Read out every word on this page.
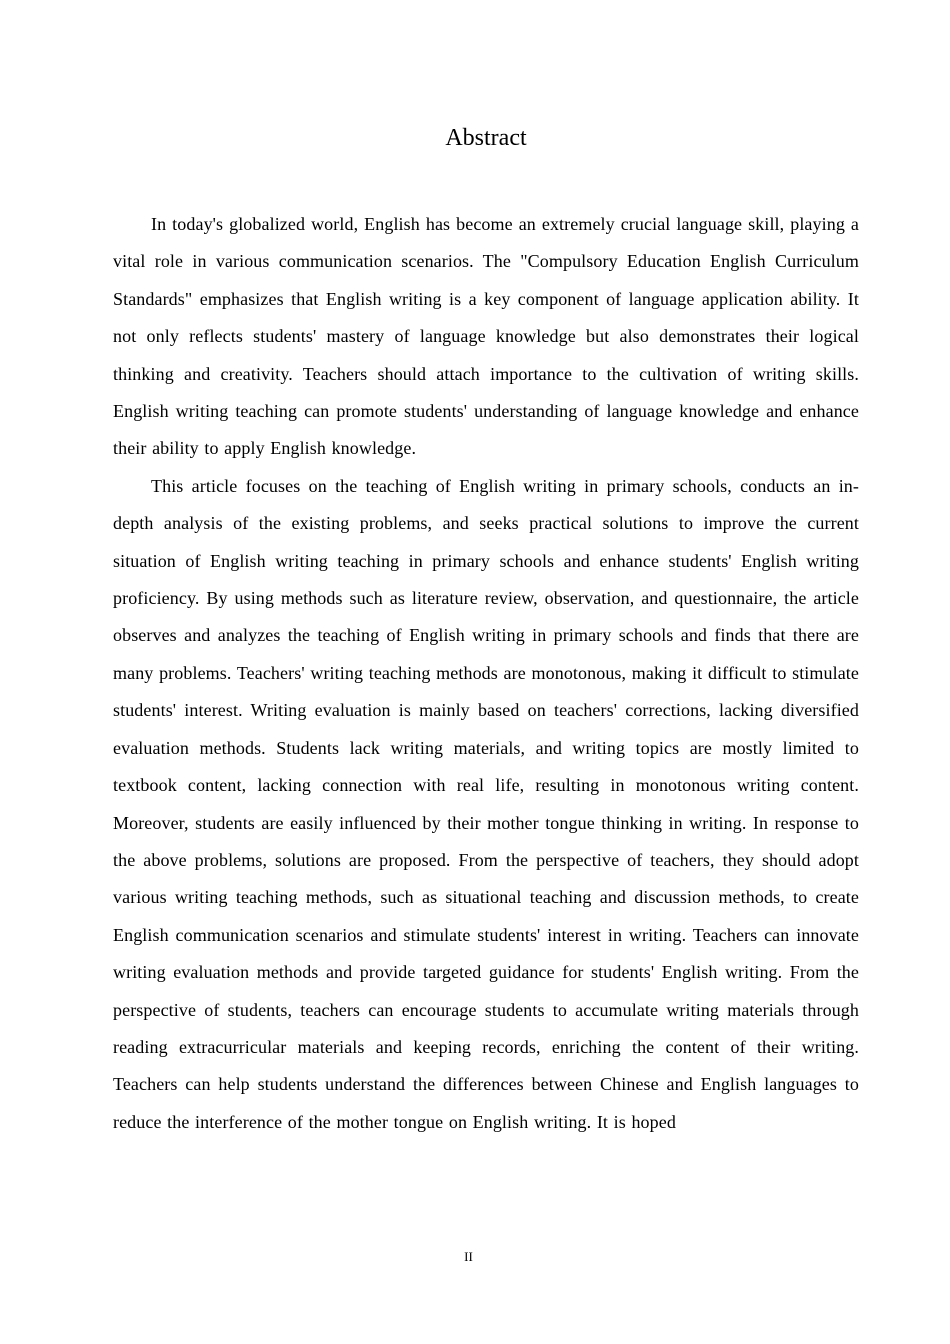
Abstract

In today's globalized world, English has become an extremely crucial language skill, playing a vital role in various communication scenarios. The "Compulsory Education English Curriculum Standards" emphasizes that English writing is a key component of language application ability. It not only reflects students' mastery of language knowledge but also demonstrates their logical thinking and creativity. Teachers should attach importance to the cultivation of writing skills. English writing teaching can promote students' understanding of language knowledge and enhance their ability to apply English knowledge.

This article focuses on the teaching of English writing in primary schools, conducts an in-depth analysis of the existing problems, and seeks practical solutions to improve the current situation of English writing teaching in primary schools and enhance students' English writing proficiency. By using methods such as literature review, observation, and questionnaire, the article observes and analyzes the teaching of English writing in primary schools and finds that there are many problems. Teachers' writing teaching methods are monotonous, making it difficult to stimulate students' interest. Writing evaluation is mainly based on teachers' corrections, lacking diversified evaluation methods. Students lack writing materials, and writing topics are mostly limited to textbook content, lacking connection with real life, resulting in monotonous writing content. Moreover, students are easily influenced by their mother tongue thinking in writing. In response to the above problems, solutions are proposed. From the perspective of teachers, they should adopt various writing teaching methods, such as situational teaching and discussion methods, to create English communication scenarios and stimulate students' interest in writing. Teachers can innovate writing evaluation methods and provide targeted guidance for students' English writing. From the perspective of students, teachers can encourage students to accumulate writing materials through reading extracurricular materials and keeping records, enriching the content of their writing. Teachers can help students understand the differences between Chinese and English languages to reduce the interference of the mother tongue on English writing. It is hoped

II
